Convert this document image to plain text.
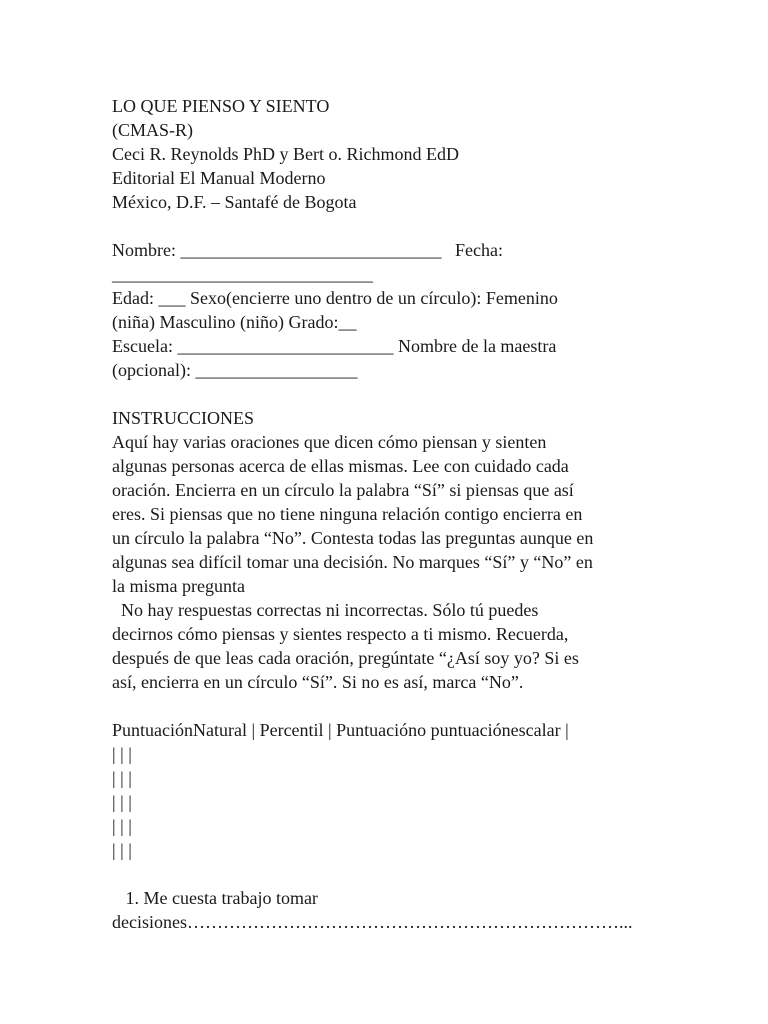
LO QUE PIENSO Y SIENTO
(CMAS-R)
Ceci R. Reynolds PhD y Bert o. Richmond EdD
Editorial El Manual Moderno
México, D.F. – Santafé de Bogota
Nombre: _____________________________   Fecha:
_____________________________
Edad: ___ Sexo(encierre uno dentro de un círculo): Femenino
(niña) Masculino (niño) Grado:__
Escuela: ________________________ Nombre de la maestra
(opcional): __________________
INSTRUCCIONES
Aquí hay varias oraciones que dicen cómo piensan y sienten
algunas personas acerca de ellas mismas. Lee con cuidado cada
oración. Encierra en un círculo la palabra “Sí” si piensas que así
eres. Si piensas que no tiene ninguna relación contigo encierra en
un círculo la palabra “No”. Contesta todas las preguntas aunque en
algunas sea difícil tomar una decisión. No marques “Sí” y “No” en
la misma pregunta
No hay respuestas correctas ni incorrectas. Sólo tú puedes
decirnos cómo piensas y sientes respecto a ti mismo. Recuerda,
después de que leas cada oración, pregúntate “¿Así soy yo? Si es
así, encierra en un círculo “Sí”. Si no es así, marca “No”.
PuntuaciónNatural | Percentil | Puntuacióno puntuaciónescalar |
| | |
| | |
| | |
| | |
| | |
1. Me cuesta trabajo tomar
decisiones………………………………………………………………...
